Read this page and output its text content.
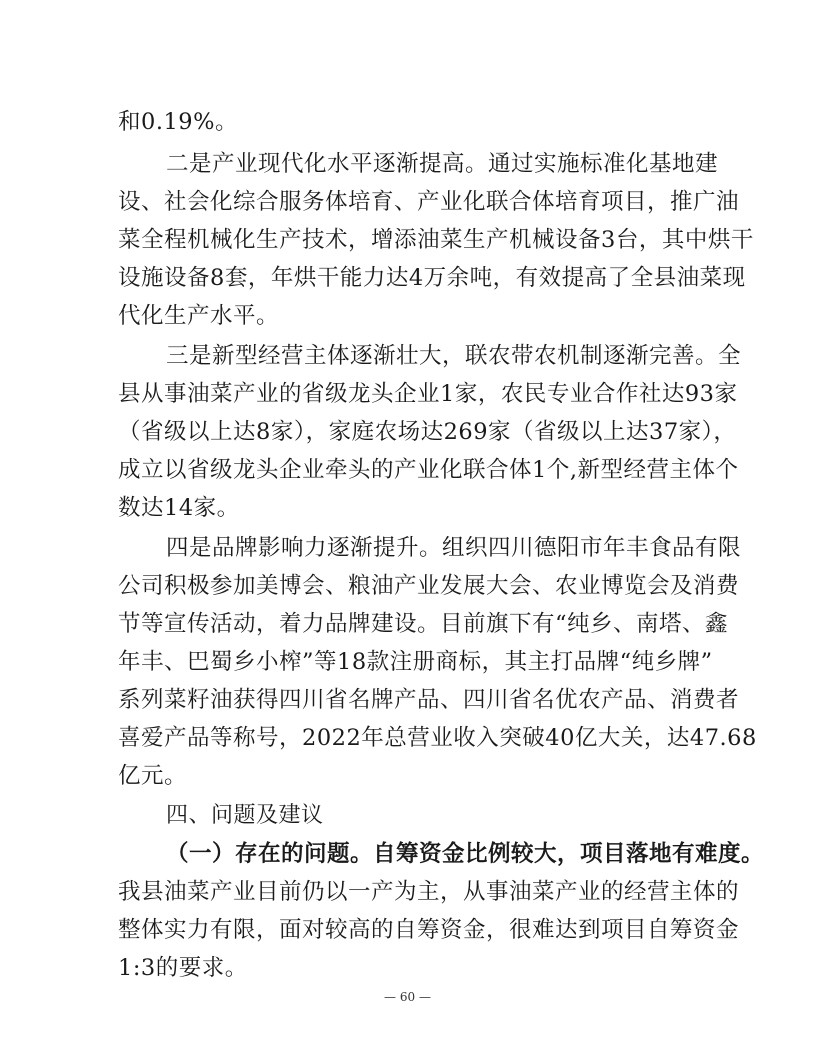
和0.19%。
二是产业现代化水平逐渐提高。通过实施标准化基地建
设、社会化综合服务体培育、产业化联合体培育项目，推广油
菜全程机械化生产技术，增添油菜生产机械设备3台，其中烘干
设施设备8套，年烘干能力达4万余吨，有效提高了全县油菜现
代化生产水平。
三是新型经营主体逐渐壮大，联农带农机制逐渐完善。全
县从事油菜产业的省级龙头企业1家，农民专业合作社达93家
（省级以上达8家），家庭农场达269家（省级以上达37家），
成立以省级龙头企业牵头的产业化联合体1个,新型经营主体个
数达14家。
四是品牌影响力逐渐提升。组织四川德阳市年丰食品有限
公司积极参加美博会、粮油产业发展大会、农业博览会及消费
节等宣传活动，着力品牌建设。目前旗下有“纯乡、南塔、鑫
年丰、巴蜀乡小榨”等18款注册商标，其主打品牌“纯乡牌”
系列菜籽油获得四川省名牌产品、四川省名优农产品、消费者
喜爱产品等称号，2022年总营业收入突破40亿大关，达47.68
亿元。
四、问题及建议
（一）存在的问题。自筹资金比例较大，项目落地有难度。
我县油菜产业目前仍以一产为主，从事油菜产业的经营主体的
整体实力有限，面对较高的自筹资金，很难达到项目自筹资金
1:3的要求。
— 60 —
